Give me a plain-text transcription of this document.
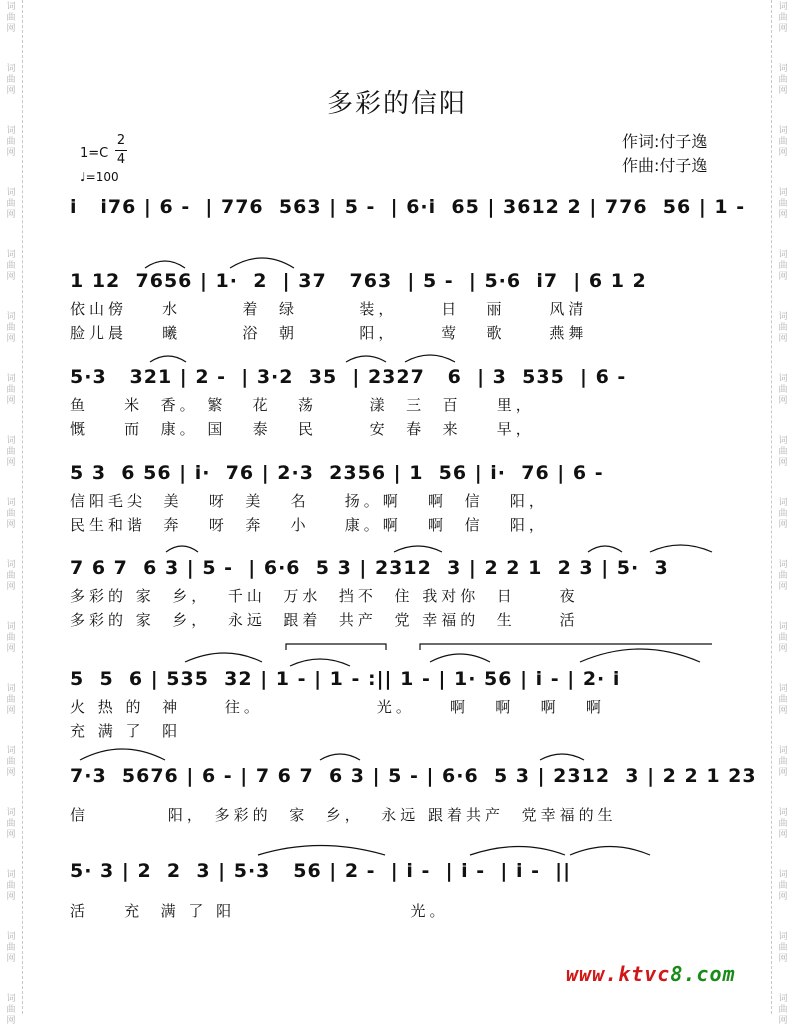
词
曲
网
词
曲
网
词
曲
网
词
曲
网
词
曲
网
词
曲
网
词
曲
网
词
曲
网
词
曲
网
词
曲
网
词
曲
网
词
曲
网
词
曲
网
词
曲
网
词
曲
网
词
曲
网
词
曲
网
词
曲
网
词
曲
网
词
曲
网
词
曲
网
词
曲
网
词
曲
网
词
曲
网
词
曲
网
词
曲
网
词
曲
网
词
曲
网
词
曲
网
词
曲
网
词
曲
网
词
曲
网
词
曲
网
词
曲
网
多彩的信阳
1=C
2
4
♩=100
作词:付子逸
作曲:付子逸
i   i76 | 6 -  | 776  563 | 5 -  | 6·i  65 | 3612 2 | 776  56 | 1 -
1 12  7656 | 1·  2  | 37   763  | 5 -  | 5·6  i7  | 6 1 2
依山傍    水       着  绿       装，     日   丽     风清
脸儿晨    曦       浴  朝       阳，     莺   歌     燕舞
5·3   321 | 2 -  | 3·2  35  | 2327   6  | 3  535  | 6 -
鱼    米  香。 繁   花   荡      漾  三  百    里，
慨    而  康。 国   泰   民      安  春  来    早，
5 3  6 56 | i·  76 | 2·3  2356 | 1  56 | i·  76 | 6 -
信阳毛尖  美   呀  美   名    扬。啊   啊  信   阳，
民生和谐  奔   呀  奔   小    康。啊   啊  信   阳，
7 6 7  6 3 | 5 -  | 6·6  5 3 | 2312  3 | 2 2 1  2 3 | 5·  3
多彩的 家  乡，  千山  万水  挡不  住 我对你  日     夜
多彩的 家  乡，  永远  跟着  共产  党 幸福的  生     活
5  5  6 | 535  32 | 1 - | 1 - :|| 1 - | 1· 56 | i - | 2· i
火 热 的  神     往。             光。    啊   啊   啊   啊
充 满 了  阳
7·3  5676 | 6 - | 7 6 7  6 3 | 5 - | 6·6  5 3 | 2312  3 | 2 2 1 23
信         阳， 多彩的  家  乡，  永远 跟着共产  党幸福的生
5· 3 | 2  2  3 | 5·3   56 | 2 -  | i -  | i -  | i -  ||
活    充  满 了 阳                    光。
www.ktvc8.com
